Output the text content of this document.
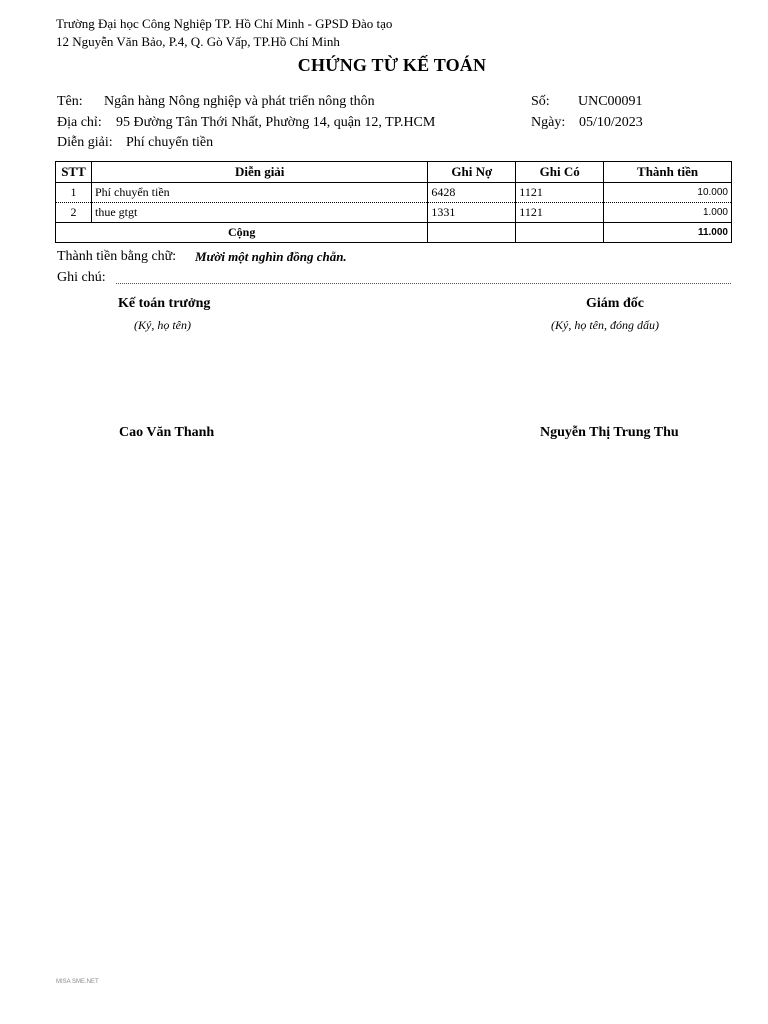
Trường Đại học Công Nghiệp TP. Hồ Chí Minh - GPSD Đào tạo
12 Nguyễn Văn Bảo, P.4, Q. Gò Vấp, TP.Hồ Chí Minh
CHỨNG TỪ KẾ TOÁN
Tên: Ngân hàng Nông nghiệp và phát triển nông thôn
Địa chỉ: 95 Đường Tân Thới Nhất, Phường 14, quận 12, TP.HCM
Diễn giải: Phí chuyển tiền
Số: UNC00091
Ngày: 05/10/2023
STT	Diễn giải	Ghi Nợ	Ghi Có	Thành tiền
1	Phí chuyển tiền	6428	1121	10.000
2	thue gtgt	1331	1121	1.000
Cộng				11.000
Thành tiền bằng chữ: Mười một nghìn đồng chẵn.
Ghi chú:
Kế toán trưởng
(Ký, họ tên)
Cao Văn Thanh
Giám đốc
(Ký, họ tên, đóng dấu)
Nguyễn Thị Trung Thu
MISA SME.NET
